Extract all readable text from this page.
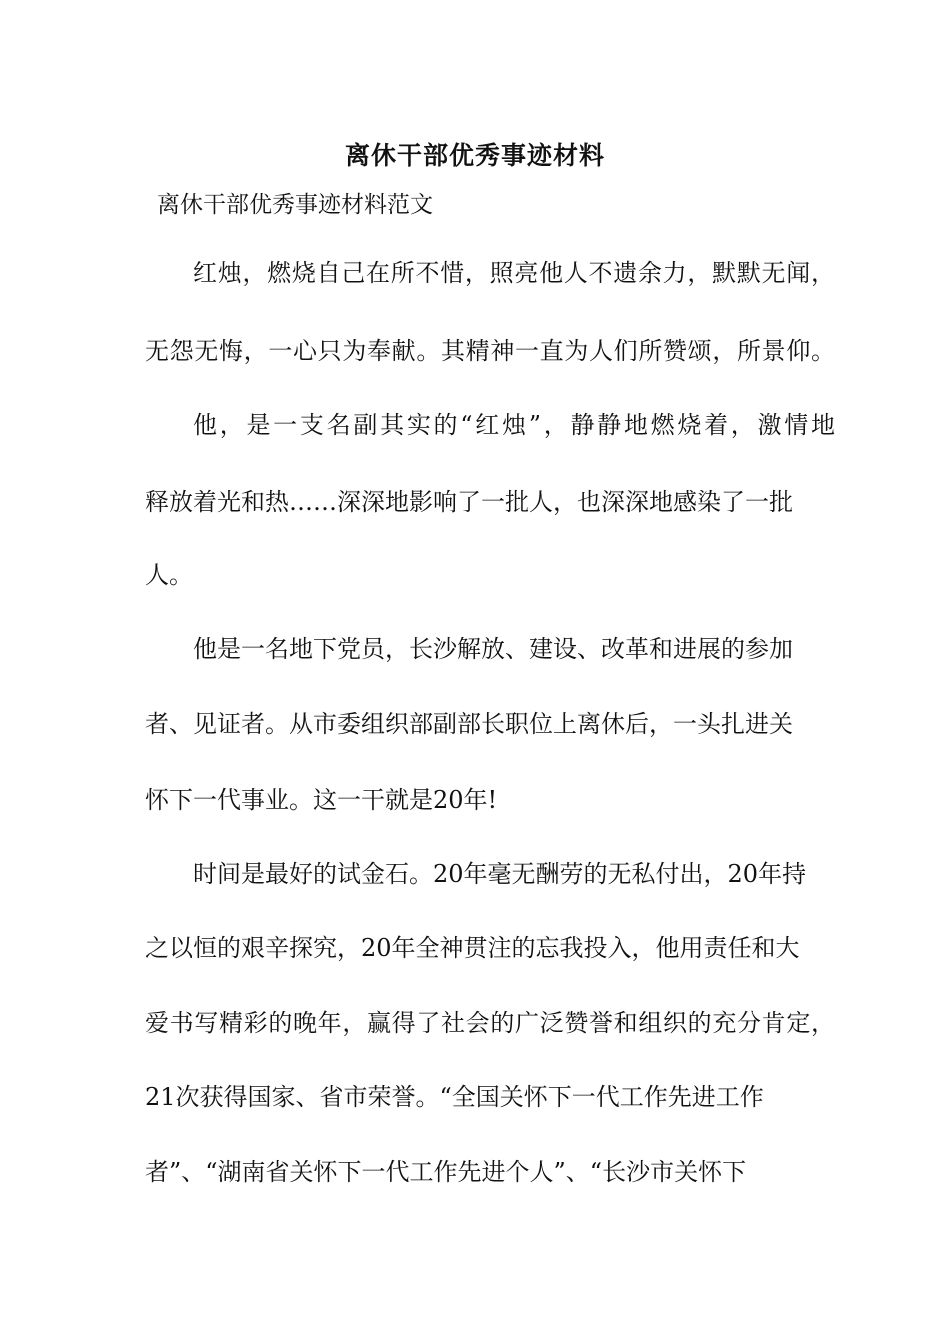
离休干部优秀事迹材料

离休干部优秀事迹材料范文

红烛，燃烧自己在所不惜，照亮他人不遗余力，默默无闻，

无怨无悔，一心只为奉献。其精神一直为人们所赞颂，所景仰。

他，是一支名副其实的“红烛”，静静地燃烧着，激情地

释放着光和热……深深地影响了一批人，也深深地感染了一批

人。

他是一名地下党员，长沙解放、建设、改革和进展的参加

者、见证者。从市委组织部副部长职位上离休后，一头扎进关

怀下一代事业。这一干就是20年!

时间是最好的试金石。20年毫无酬劳的无私付出，20年持

之以恒的艰辛探究，20年全神贯注的忘我投入，他用责任和大

爱书写精彩的晚年，赢得了社会的广泛赞誉和组织的充分肯定，

21次获得国家、省市荣誉。“全国关怀下一代工作先进工作

者”、“湖南省关怀下一代工作先进个人”、“长沙市关怀下
